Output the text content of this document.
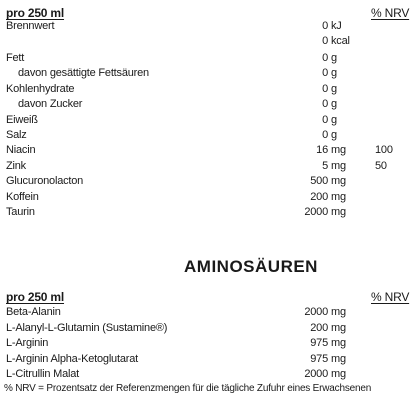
pro 250 ml	% NRV
Brennwert	0 kJ
0 kcal
Fett	0 g
davon gesättigte Fettsäuren	0 g
Kohlenhydrate	0 g
davon Zucker	0 g
Eiweiß	0 g
Salz	0 g
Niacin	16 mg	100
Zink	5 mg	50
Glucuronolacton	500 mg
Koffein	200 mg
Taurin	2000 mg
AMINOSÄUREN
pro 250 ml	% NRV
Beta-Alanin	2000 mg
L-Alanyl-L-Glutamin (Sustamine®)	200 mg
L-Arginin	975 mg
L-Arginin Alpha-Ketoglutarat	975 mg
L-Citrullin Malat	2000 mg
% NRV = Prozentsatz der Referenzmengen für die tägliche Zufuhr eines Erwachsenen
